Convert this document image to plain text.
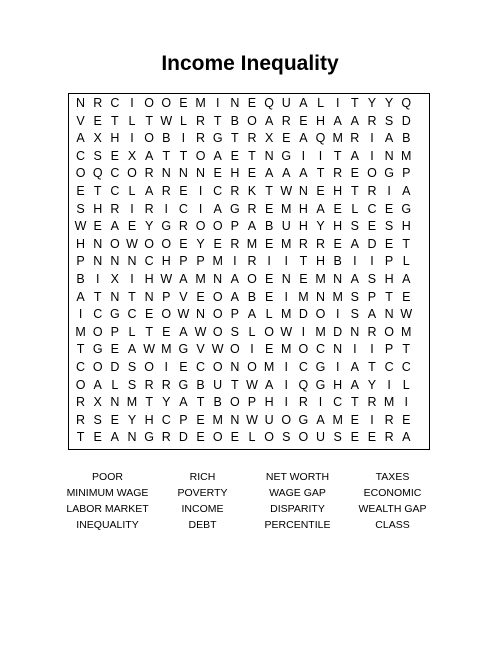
Income Inequality
N R C I O O E M I N E Q U A L I T Y Y Q
V E T L T W L R T B O A R E H A A R S D
A X H I O B I R G T R X E A Q M R I A B
C S E X A T T O A E T N G I	I T A I N M
O Q C O R N N N E H E A A A T R E O G P
E T C L A R E I C R K T W N E H T R I A
S H R I R I C I A G R E M H A E L C E G
W E A E Y G R O O P A B U H Y H S E S H
H N O W O O E Y E R M E M R R E A D E T
P N N N C H P P M I R I	I T H B I	I P L
B I X I H W A M N A O E N E M N A S H A
A T N T N P V E O A B E I M N M S P T E
I C G C E O W N O P A L M D O I S A N W
M O P L T E A W O S L O W I M D N R O M
T G E A W M G V W O I E M O C N I	I P T
C O D S O I E C O N O M I C G I A T C C
O A L S R R G B U T W A I Q G H A Y I L
R X N M T Y A T B O P H I R I C T R M I
R S E Y H C P E M N W U O G A M E I R E
T E A N G R D E O E L O S O U S E E R A
POOR	RICH	NET WORTH	TAXES
MINIMUM WAGE	POVERTY	WAGE GAP	ECONOMIC
LABOR MARKET	INCOME	DISPARITY	WEALTH GAP
INEQUALITY	DEBT	PERCENTILE	CLASS
